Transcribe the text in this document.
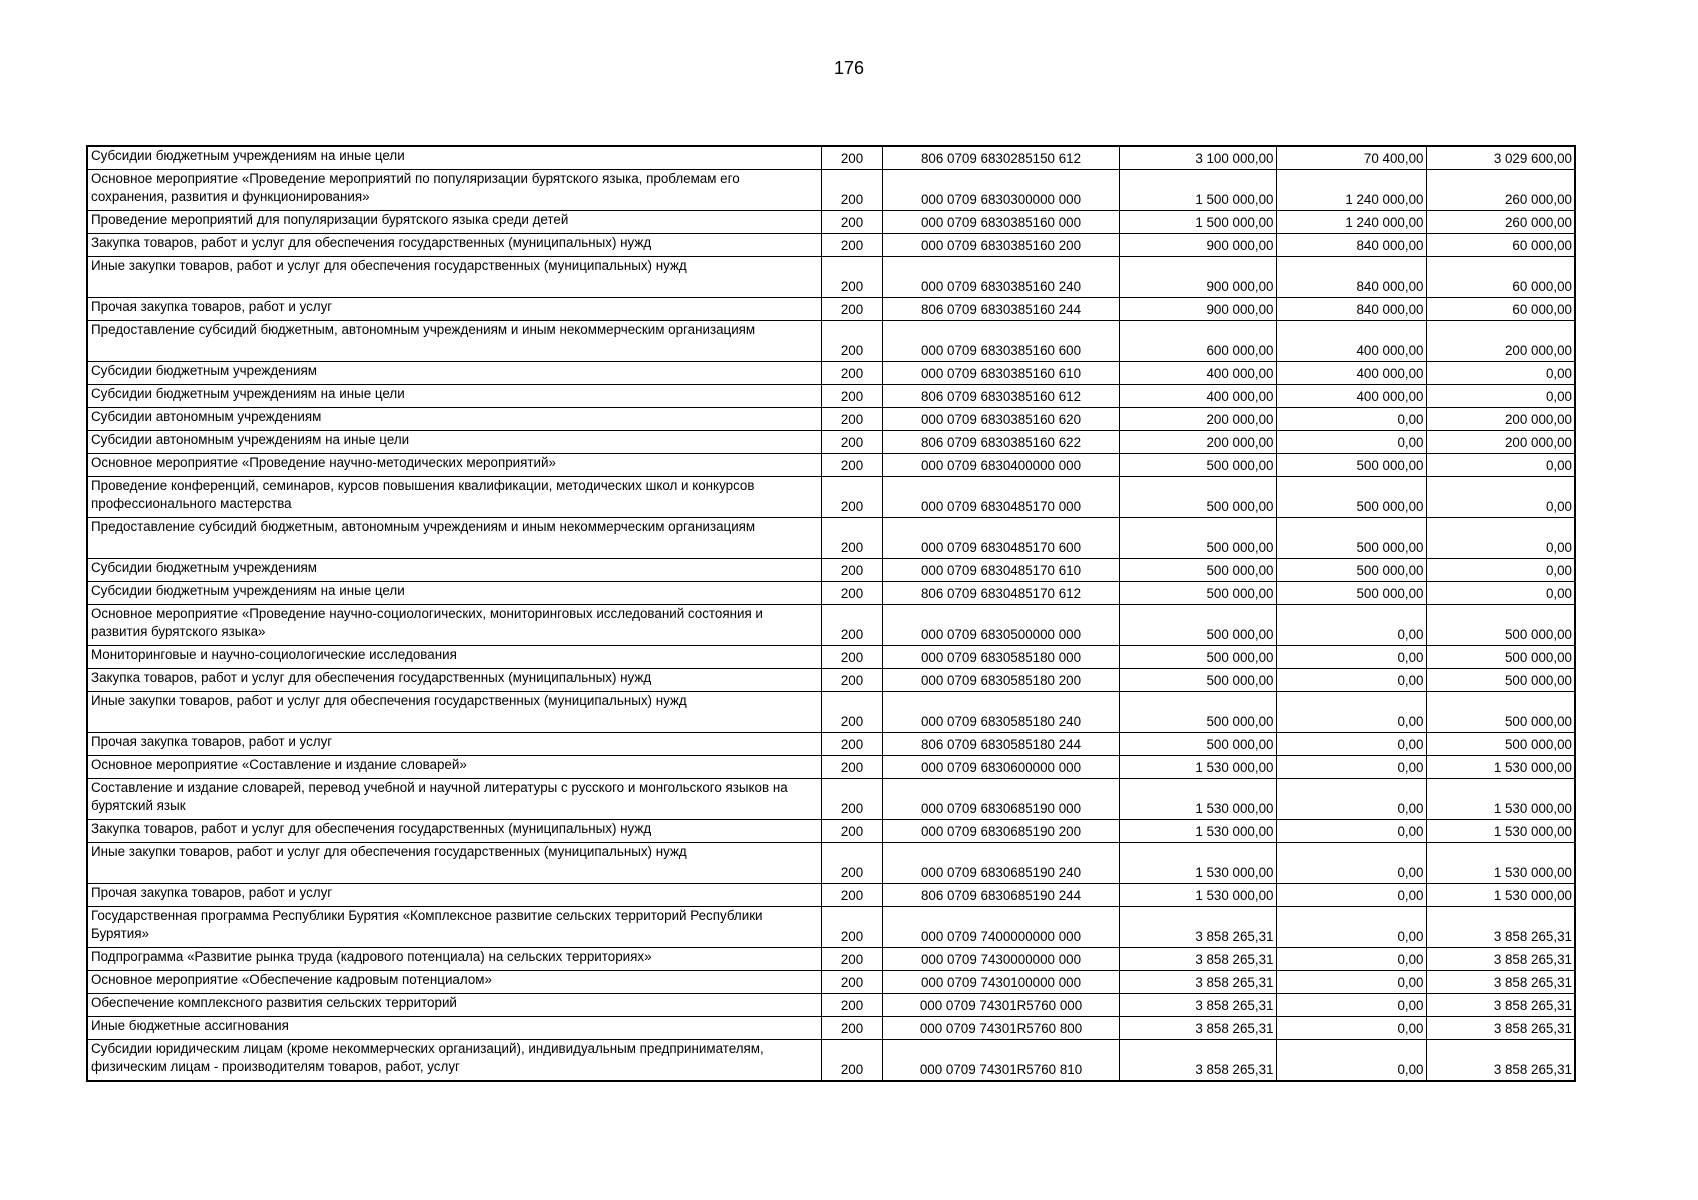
176
Субсидии бюджетным учреждениям на иные цели	200	806 0709 6830285150 612	3 100 000,00	70 400,00	3 029 600,00
Основное мероприятие «Проведение мероприятий по популяризации бурятского языка, проблемам его сохранения, развития и функционирования»	200	000 0709 6830300000 000	1 500 000,00	1 240 000,00	260 000,00
Проведение мероприятий для популяризации бурятского языка среди детей	200	000 0709 6830385160 000	1 500 000,00	1 240 000,00	260 000,00
Закупка товаров, работ и услуг для обеспечения государственных (муниципальных) нужд	200	000 0709 6830385160 200	900 000,00	840 000,00	60 000,00
Иные закупки товаров, работ и услуг для обеспечения государственных (муниципальных) нужд	200	000 0709 6830385160 240	900 000,00	840 000,00	60 000,00
Прочая закупка товаров, работ и услуг	200	806 0709 6830385160 244	900 000,00	840 000,00	60 000,00
Предоставление субсидий бюджетным, автономным учреждениям и иным некоммерческим организациям	200	000 0709 6830385160 600	600 000,00	400 000,00	200 000,00
Субсидии бюджетным учреждениям	200	000 0709 6830385160 610	400 000,00	400 000,00	0,00
Субсидии бюджетным учреждениям на иные цели	200	806 0709 6830385160 612	400 000,00	400 000,00	0,00
Субсидии автономным учреждениям	200	000 0709 6830385160 620	200 000,00	0,00	200 000,00
Субсидии автономным учреждениям на иные цели	200	806 0709 6830385160 622	200 000,00	0,00	200 000,00
Основное мероприятие «Проведение научно-методических мероприятий»	200	000 0709 6830400000 000	500 000,00	500 000,00	0,00
Проведение конференций, семинаров, курсов повышения квалификации, методических школ и конкурсов профессионального мастерства	200	000 0709 6830485170 000	500 000,00	500 000,00	0,00
Предоставление субсидий бюджетным, автономным учреждениям и иным некоммерческим организациям	200	000 0709 6830485170 600	500 000,00	500 000,00	0,00
Субсидии бюджетным учреждениям	200	000 0709 6830485170 610	500 000,00	500 000,00	0,00
Субсидии бюджетным учреждениям на иные цели	200	806 0709 6830485170 612	500 000,00	500 000,00	0,00
Основное мероприятие «Проведение научно-социологических, мониторинговых исследований состояния и развития бурятского языка»	200	000 0709 6830500000 000	500 000,00	0,00	500 000,00
Мониторинговые и научно-социологические исследования	200	000 0709 6830585180 000	500 000,00	0,00	500 000,00
Закупка товаров, работ и услуг для обеспечения государственных (муниципальных) нужд	200	000 0709 6830585180 200	500 000,00	0,00	500 000,00
Иные закупки товаров, работ и услуг для обеспечения государственных (муниципальных) нужд	200	000 0709 6830585180 240	500 000,00	0,00	500 000,00
Прочая закупка товаров, работ и услуг	200	806 0709 6830585180 244	500 000,00	0,00	500 000,00
Основное мероприятие «Составление и издание словарей»	200	000 0709 6830600000 000	1 530 000,00	0,00	1 530 000,00
Составление и издание словарей, перевод учебной и научной литературы с русского и монгольского языков на бурятский язык	200	000 0709 6830685190 000	1 530 000,00	0,00	1 530 000,00
Закупка товаров, работ и услуг для обеспечения государственных (муниципальных) нужд	200	000 0709 6830685190 200	1 530 000,00	0,00	1 530 000,00
Иные закупки товаров, работ и услуг для обеспечения государственных (муниципальных) нужд	200	000 0709 6830685190 240	1 530 000,00	0,00	1 530 000,00
Прочая закупка товаров, работ и услуг	200	806 0709 6830685190 244	1 530 000,00	0,00	1 530 000,00
Государственная программа Республики Бурятия «Комплексное развитие сельских территорий Республики Бурятия»	200	000 0709 7400000000 000	3 858 265,31	0,00	3 858 265,31
Подпрограмма «Развитие рынка труда (кадрового потенциала) на сельских территориях»	200	000 0709 7430000000 000	3 858 265,31	0,00	3 858 265,31
Основное мероприятие «Обеспечение кадровым потенциалом»	200	000 0709 7430100000 000	3 858 265,31	0,00	3 858 265,31
Обеспечение комплексного развития сельских территорий	200	000 0709 74301R5760 000	3 858 265,31	0,00	3 858 265,31
Иные бюджетные ассигнования	200	000 0709 74301R5760 800	3 858 265,31	0,00	3 858 265,31
Субсидии юридическим лицам (кроме некоммерческих организаций), индивидуальным предпринимателям, физическим лицам - производителям товаров, работ, услуг	200	000 0709 74301R5760 810	3 858 265,31	0,00	3 858 265,31
